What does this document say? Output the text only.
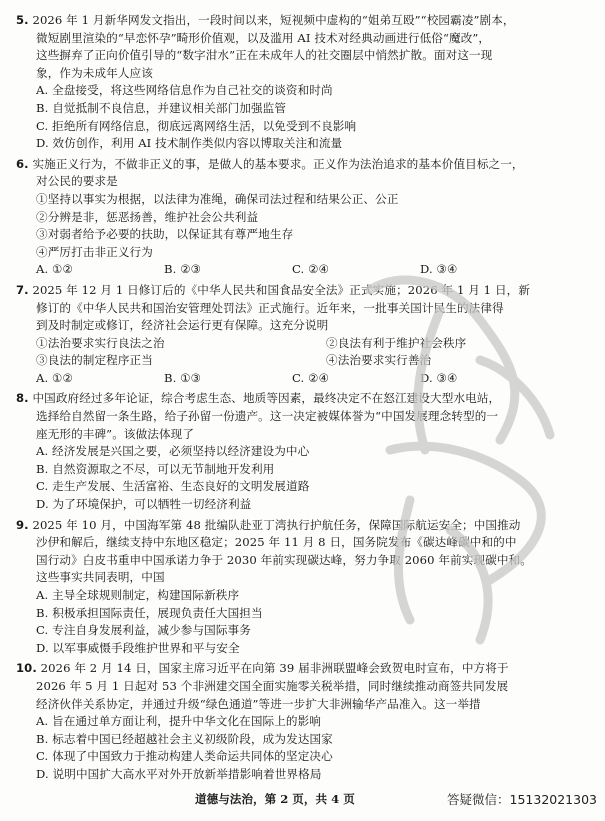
5. 2026 年 1 月新华网发文指出，一段时间以来，短视频中虚构的“姐弟互殴”“校园霸凌”剧本，

微短剧里渲染的“早恋怀孕”畸形价值观，以及滥用 AI 技术对经典动画进行低俗“魔改”，

这些摒弃了正向价值引导的“数字泔水”正在未成年人的社交圈层中悄然扩散。面对这一现

象，作为未成年人应该

A. 全盘接受，将这些网络信息作为自己社交的谈资和时尚

B. 自觉抵制不良信息，并建议相关部门加强监管

C. 拒绝所有网络信息，彻底远离网络生活，以免受到不良影响

D. 效仿创作，利用 AI 技术制作类似内容以博取关注和流量

6. 实施正义行为，不做非正义的事，是做人的基本要求。正义作为法治追求的基本价值目标之一，

对公民的要求是

①坚持以事实为根据，以法律为准绳，确保司法过程和结果公正、公正

②分辨是非，惩恶扬善，维护社会公共利益

③对弱者给予必要的扶助，以保证其有尊严地生存

④严厉打击非正义行为

A. ①②	B. ②③	C. ②④	D. ③④

7. 2025 年 12 月 1 日修订后的《中华人民共和国食品安全法》正式实施；2026 年 1 月 1 日，新

修订的《中华人民共和国治安管理处罚法》正式施行。近年来，一批事关国计民生的法律得

到及时制定或修订，经济社会运行更有保障。这充分说明

①法治要求实行良法之治	②良法有利于维护社会秩序
③良法的制定程序正当	④法治要求实行善治
A. ①②	B. ①③	C. ②④	D. ③④

8. 中国政府经过多年论证，综合考虑生态、地质等因素，最终决定不在怒江建设大型水电站，

选择给自然留一条生路，给子孙留一份遗产。这一决定被媒体誉为“中国发展理念转型的一

座无形的丰碑”。该做法体现了

A. 经济发展是兴国之要，必须坚持以经济建设为中心

B. 自然资源取之不尽，可以无节制地开发利用

C. 走生产发展、生活富裕、生态良好的文明发展道路

D. 为了环境保护，可以牺牲一切经济利益

9. 2025 年 10 月，中国海军第 48 批编队赴亚丁湾执行护航任务，保障国际航运安全；中国推动

沙伊和解后，继续支持中东地区稳定；2025 年 11 月 8 日，国务院发布《碳达峰碳中和的中

国行动》白皮书重申中国承诺力争于 2030 年前实现碳达峰，努力争取 2060 年前实现碳中和。

这些事实共同表明，中国

A. 主导全球规则制定，构建国际新秩序

B. 积极承担国际责任，展现负责任大国担当

C. 专注自身发展利益，减少参与国际事务

D. 以军事威慑手段维护世界和平与安全

10. 2026 年 2 月 14 日，国家主席习近平在向第 39 届非洲联盟峰会致贺电时宣布，中方将于

2026 年 5 月 1 日起对 53 个非洲建交国全面实施零关税举措，同时继续推动商签共同发展

经济伙伴关系协定，并通过升级“绿色通道”等进一步扩大非洲输华产品准入。这一举措

A. 旨在通过单方面让利，提升中华文化在国际上的影响

B. 标志着中国已经超越社会主义初级阶段，成为发达国家

C. 体现了中国致力于推动构建人类命运共同体的坚定决心

D. 说明中国扩大高水平对外开放新举措影响着世界格局

道德与法治，第 2 页，共 4 页	答疑微信：15132021303
